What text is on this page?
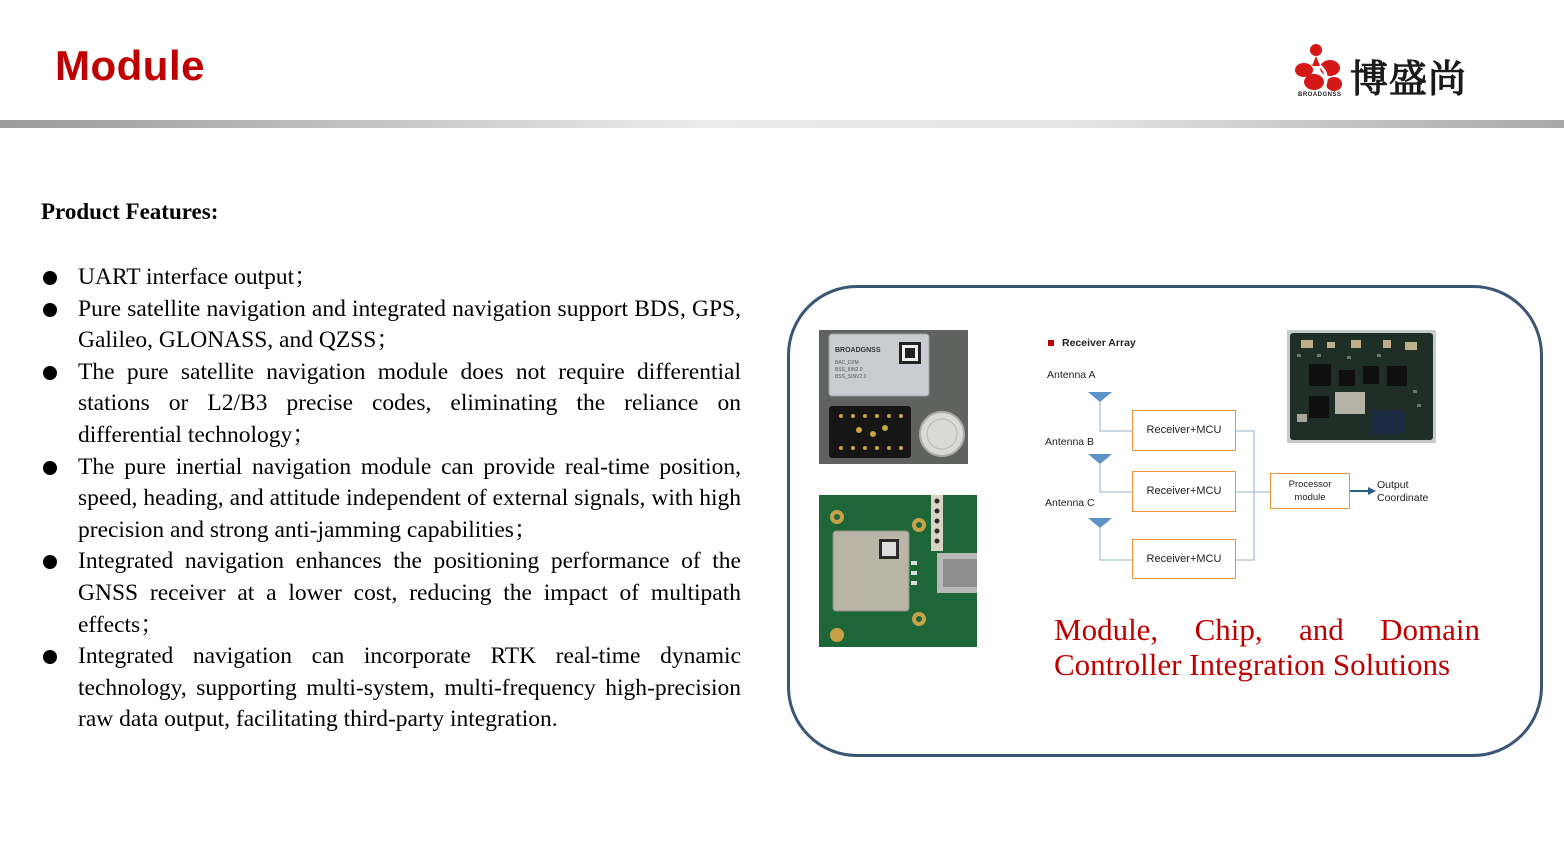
Module	博盛尚
BROADGNSS
Product Features:
UART interface output；
Pure satellite navigation and integrated navigation support BDS, GPS, Galileo, GLONASS, and QZSS；
The pure satellite navigation module does not require differential stations or L2/B3 precise codes, eliminating the reliance on differential technology；
The pure inertial navigation module can provide real-time position, speed, heading, and attitude independent of external signals, with high precision and strong anti-jamming capabilities；
Integrated navigation enhances the positioning performance of the GNSS receiver at a lower cost, reducing the impact of multipath effects；
Integrated navigation can incorporate RTK real-time dynamic technology, supporting multi-system, multi-frequency high-precision raw data output, facilitating third-party integration.
BROADGNSS
BAC_D2M
BSS_IIIN2.0
BSS_SINV2.0
Receiver Array
Antenna A
Antenna B
Antenna C
Receiver+MCU
Receiver+MCU
Receiver+MCU
Processor
module
Output
Coordinate
Module, Chip, and Domain
Controller Integration Solutions
